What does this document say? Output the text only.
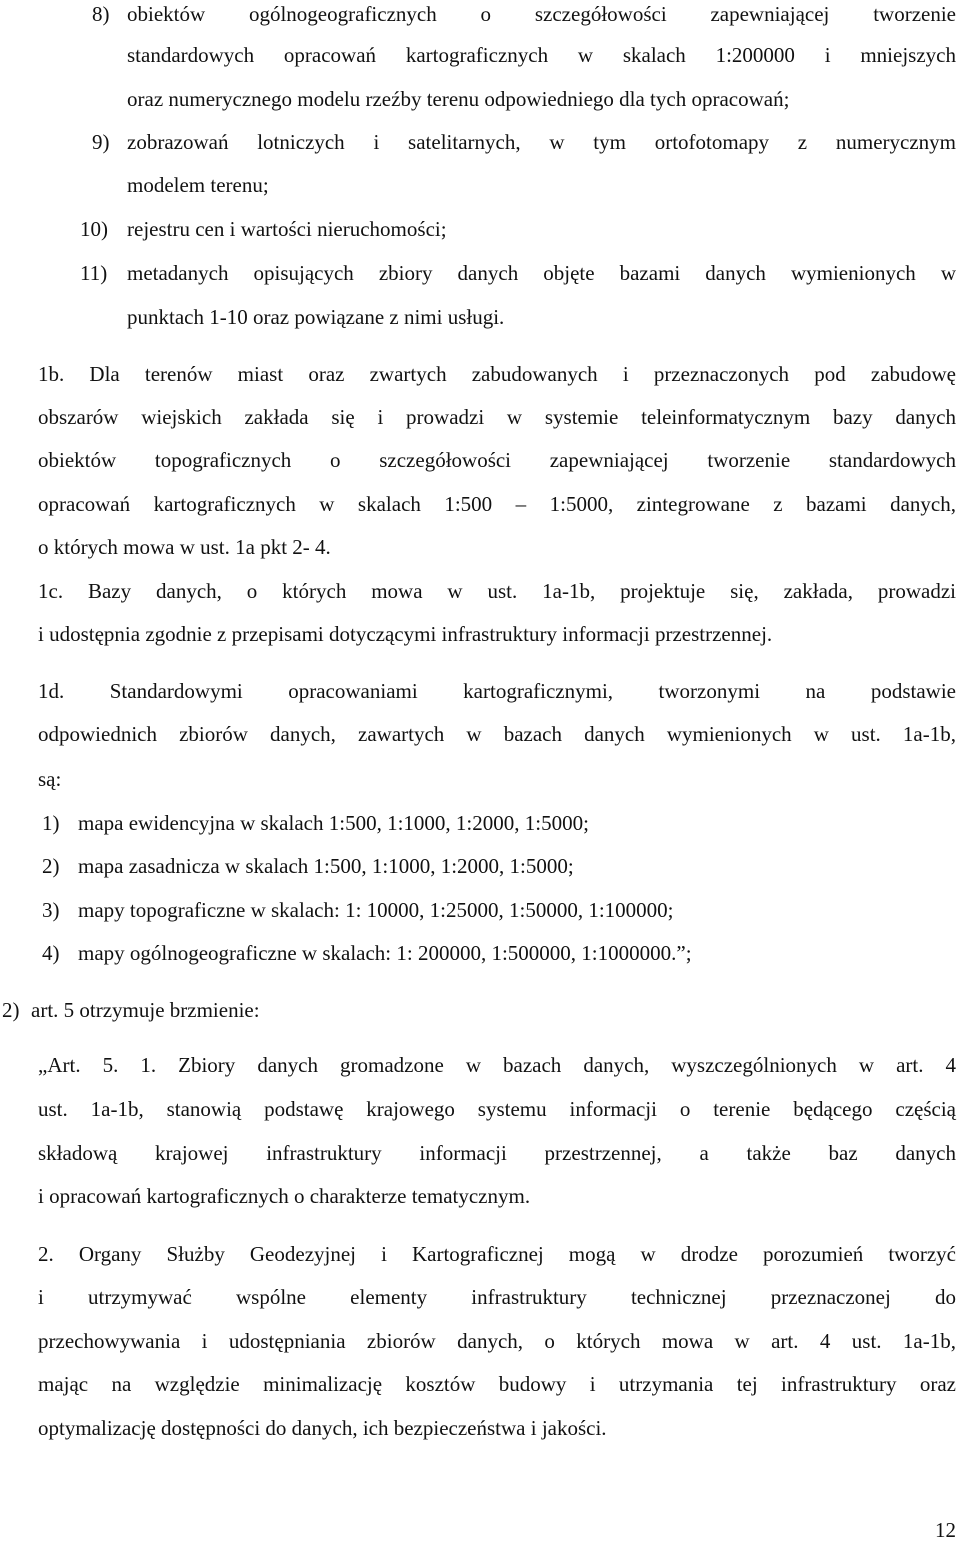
8) obiektów ogólnogeograficznych o szczegółowości zapewniającej tworzenie
standardowych opracowań kartograficznych w skalach 1:200000 i mniejszych
oraz numerycznego modelu rzeźby terenu odpowiedniego dla tych opracowań;
9) zobrazowań lotniczych i satelitarnych, w tym ortofotomapy z numerycznym
modelem terenu;
10) rejestru cen i wartości nieruchomości;
11) metadanych opisujących zbiory danych objęte bazami danych wymienionych w
punktach 1-10 oraz powiązane z nimi usługi.
1b. Dla terenów miast oraz zwartych zabudowanych i przeznaczonych pod zabudowę
obszarów wiejskich zakłada się i prowadzi w systemie teleinformatycznym bazy danych
obiektów topograficznych o szczegółowości zapewniającej tworzenie standardowych
opracowań kartograficznych w skalach 1:500 – 1:5000, zintegrowane z bazami danych,
o których mowa w ust. 1a pkt 2- 4.
1c. Bazy danych, o których mowa w ust. 1a-1b, projektuje się, zakłada, prowadzi
i udostępnia zgodnie z przepisami dotyczącymi infrastruktury informacji przestrzennej.
1d. Standardowymi opracowaniami kartograficznymi, tworzonymi na podstawie
odpowiednich zbiorów danych, zawartych w bazach danych wymienionych w ust. 1a-1b,
są:
1) mapa ewidencyjna w skalach 1:500, 1:1000, 1:2000, 1:5000;
2) mapa zasadnicza w skalach 1:500, 1:1000, 1:2000, 1:5000;
3) mapy topograficzne w skalach: 1: 10000, 1:25000, 1:50000, 1:100000;
4) mapy ogólnogeograficzne w skalach: 1: 200000, 1:500000, 1:1000000.”;
2) art. 5 otrzymuje brzmienie:
„Art. 5. 1. Zbiory danych gromadzone w bazach danych, wyszczególnionych w art. 4
ust. 1a-1b, stanowią podstawę krajowego systemu informacji o terenie będącego częścią
składową krajowej infrastruktury informacji przestrzennej, a także baz danych
i opracowań kartograficznych o charakterze tematycznym.
2. Organy Służby Geodezyjnej i Kartograficznej mogą w drodze porozumień tworzyć
i utrzymywać wspólne elementy infrastruktury technicznej przeznaczonej do
przechowywania i udostępniania zbiorów danych, o których mowa w art. 4 ust. 1a-1b,
mając na względzie minimalizację kosztów budowy i utrzymania tej infrastruktury oraz
optymalizację dostępności do danych, ich bezpieczeństwa i jakości.
12
